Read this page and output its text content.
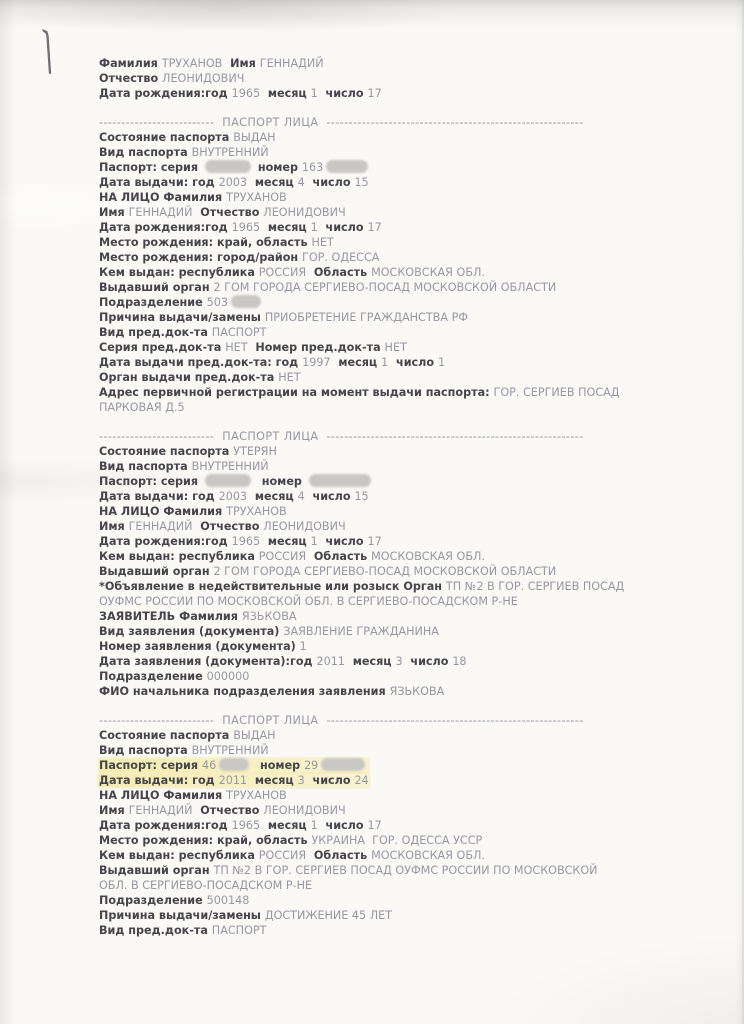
Фамилия ТРУХАНОВ  Имя ГЕННАДИЙ
Отчество ЛЕОНИДОВИЧ
Дата рождения:год 1965  месяц 1  число 17
--------------------------  ПАСПОРТ ЛИЦА  ----------------------------------------------------------
Состояние паспорта ВЫДАН
Вид паспорта ВНУТРЕННИЙ
Паспорт: серия	номер 163
Дата выдачи: год 2003  месяц 4  число 15
НА ЛИЦО Фамилия ТРУХАНОВ
Имя ГЕННАДИЙ  Отчество ЛЕОНИДОВИЧ
Дата рождения:год 1965  месяц 1  число 17
Место рождения: край, область НЕТ
Место рождения: город/район ГОР. ОДЕССА
Кем выдан: республика РОССИЯ  Область МОСКОВСКАЯ ОБЛ.
Выдавший орган 2 ГОМ ГОРОДА СЕРГИЕВО-ПОСАД МОСКОВСКОЙ ОБЛАСТИ
Подразделение 503
Причина выдачи/замены ПРИОБРЕТЕНИЕ ГРАЖДАНСТВА РФ
Вид пред.док-та ПАСПОРТ
Серия пред.док-та НЕТ  Номер пред.док-та НЕТ
Дата выдачи пред.док-та: год 1997  месяц 1  число 1
Орган выдачи пред.док-та НЕТ
Адрес первичной регистрации на момент выдачи паспорта: ГОР. СЕРГИЕВ ПОСАД
ПАРКОВАЯ Д.5
--------------------------  ПАСПОРТ ЛИЦА  ----------------------------------------------------------
Состояние паспорта УТЕРЯН
Вид паспорта ВНУТРЕННИЙ
Паспорт: серия	номер
Дата выдачи: год 2003  месяц 4  число 15
НА ЛИЦО Фамилия ТРУХАНОВ
Имя ГЕННАДИЙ  Отчество ЛЕОНИДОВИЧ
Дата рождения:год 1965  месяц 1  число 17
Кем выдан: республика РОССИЯ  Область МОСКОВСКАЯ ОБЛ.
Выдавший орган 2 ГОМ ГОРОДА СЕРГИЕВО-ПОСАД МОСКОВСКОЙ ОБЛАСТИ
*Объявление в недействительные или розыск Орган ТП №2 В ГОР. СЕРГИЕВ ПОСАД
ОУФМС РОССИИ ПО МОСКОВСКОЙ ОБЛ. В СЕРГИЕВО-ПОСАДСКОМ Р-НЕ
ЗАЯВИТЕЛЬ Фамилия ЯЗЬКОВА
Вид заявления (документа) ЗАЯВЛЕНИЕ ГРАЖДАНИНА
Номер заявления (документа) 1
Дата заявления (документа):год 2011  месяц 3  число 18
Подразделение 000000
ФИО начальника подразделения заявления ЯЗЬКОВА
--------------------------  ПАСПОРТ ЛИЦА  ----------------------------------------------------------
Состояние паспорта ВЫДАН
Вид паспорта ВНУТРЕННИЙ
Паспорт: серия 46	номер 29
Дата выдачи: год 2011  месяц 3  число 24
НА ЛИЦО Фамилия ТРУХАНОВ
Имя ГЕННАДИЙ  Отчество ЛЕОНИДОВИЧ
Дата рождения:год 1965  месяц 1  число 17
Место рождения: край, область УКРАИНА  ГОР. ОДЕССА УССР
Кем выдан: республика РОССИЯ  Область МОСКОВСКАЯ ОБЛ.
Выдавший орган ТП №2 В ГОР. СЕРГИЕВ ПОСАД ОУФМС РОССИИ ПО МОСКОВСКОЙ
ОБЛ. В СЕРГИЕВО-ПОСАДСКОМ Р-НЕ
Подразделение 500148
Причина выдачи/замены ДОСТИЖЕНИЕ 45 ЛЕТ
Вид пред.док-та ПАСПОРТ
